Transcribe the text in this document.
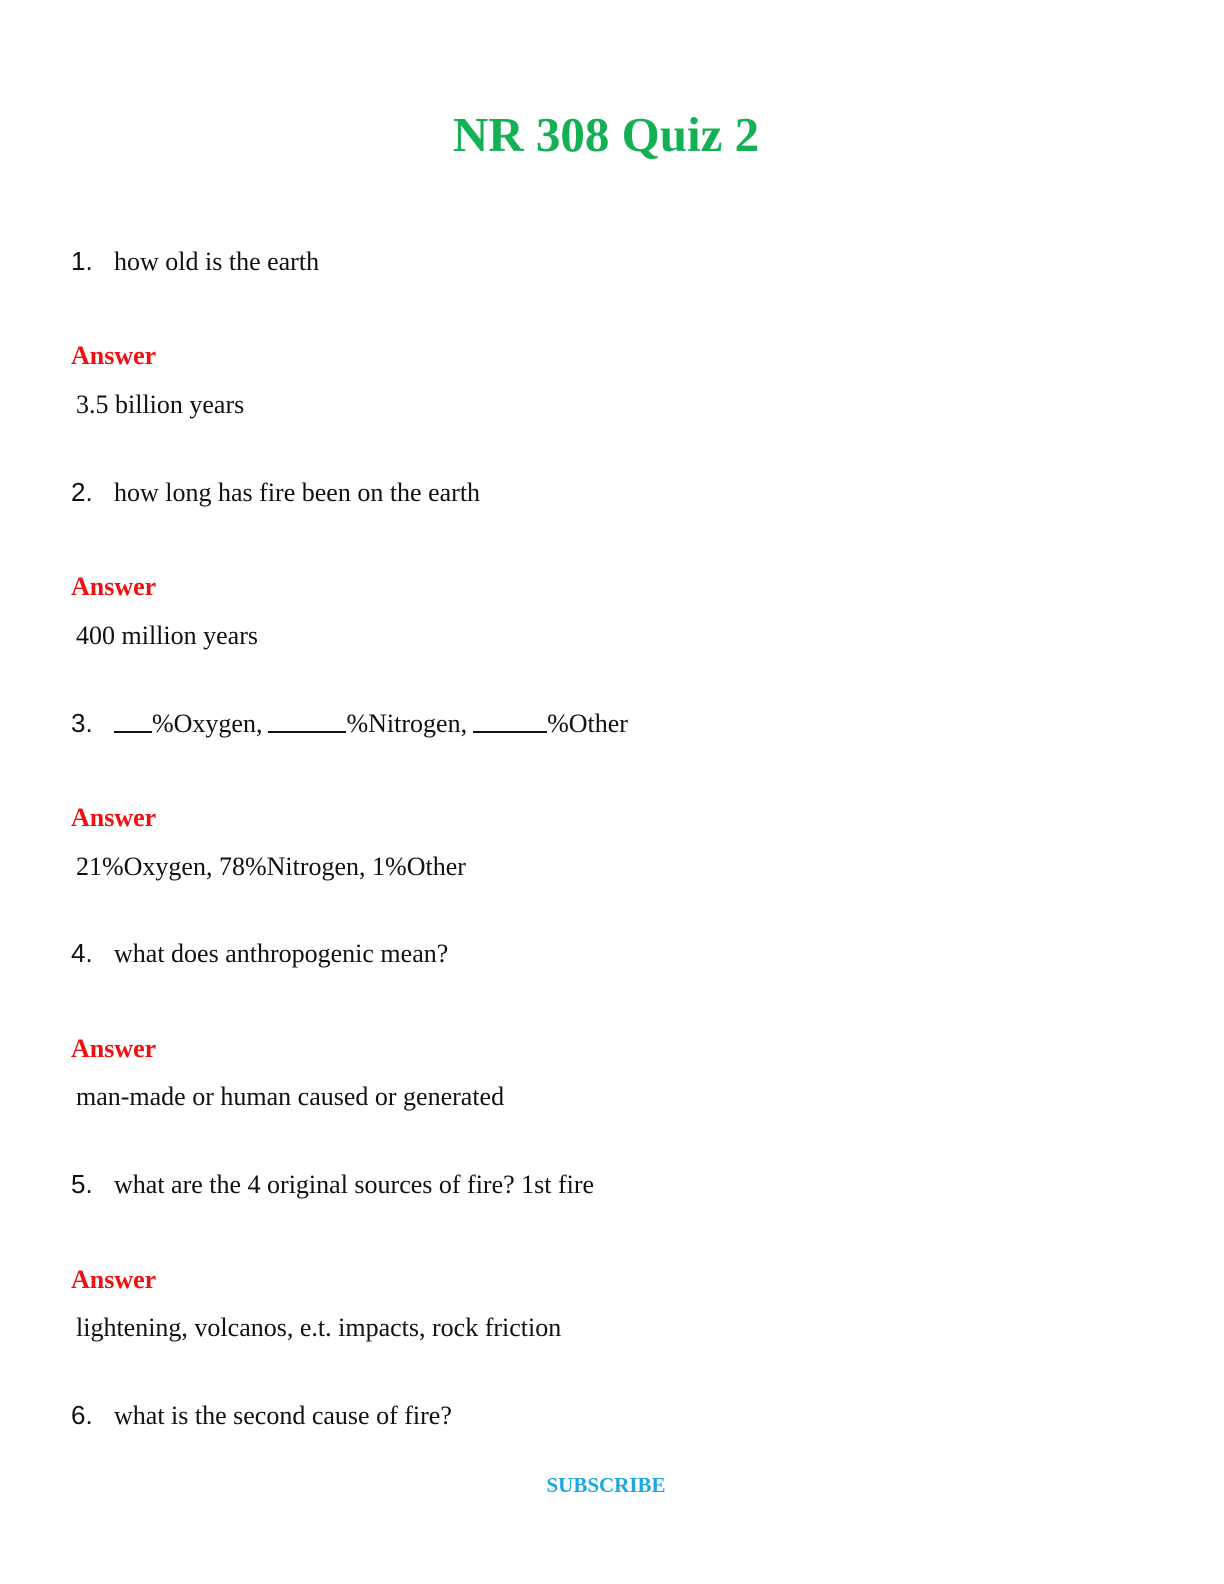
NR 308 Quiz 2
1. how old is the earth
Answer
3.5 billion years
2. how long has fire been on the earth
Answer
400 million years
3. %Oxygen,	%Nitrogen,	%Other
Answer
21%Oxygen, 78%Nitrogen, 1%Other
4. what does anthropogenic mean?
Answer
man-made or human caused or generated
5. what are the 4 original sources of fire? 1st fire
Answer
lightening, volcanos, e.t. impacts, rock friction
6. what is the second cause of fire?
SUBSCRIBE
